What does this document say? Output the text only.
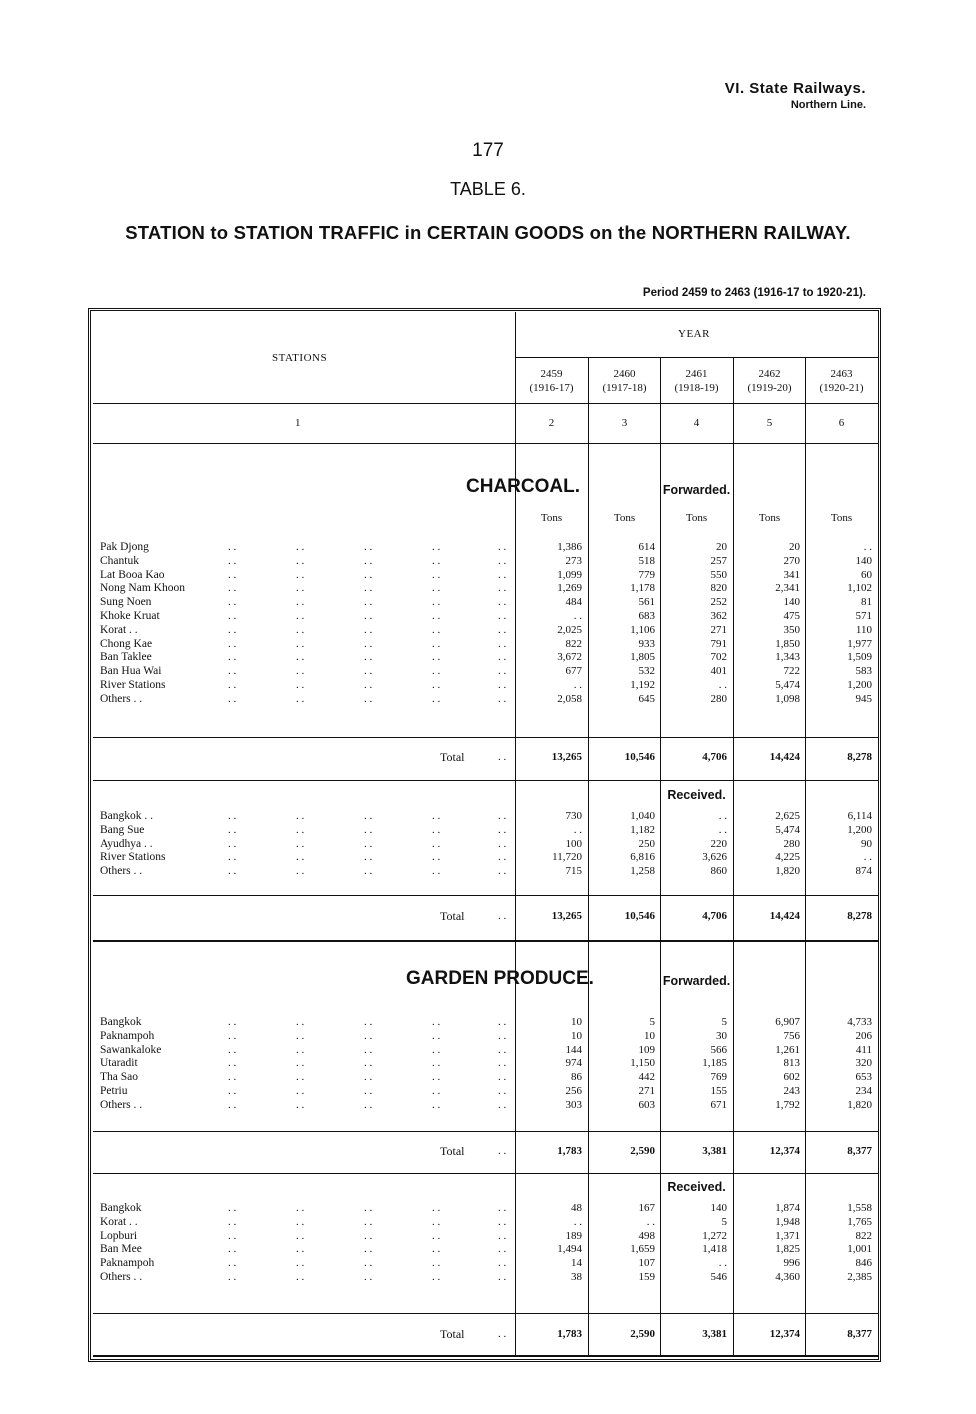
VI. State Railways.
Northern Line.
177
TABLE 6.
STATION to STATION TRAFFIC in CERTAIN GOODS on the NORTHERN RAILWAY.
Period 2459 to 2463 (1916-17 to 1920-21).
STATIONS
YEAR
2459
(1916-17)
2460
(1917-18)
2461
(1918-19)
2462
(1919-20)
2463
(1920-21)
1	2	3	4	5	6
CHARCOAL.	Forwarded.
Tons	Tons	Tons	Tons	Tons
Pak Djong	. .	. .	. .	. .	. .	1,386	614	20	20	. .
Chantuk	. .	. .	. .	. .	. .	273	518	257	270	140
Lat Booa Kao	. .	. .	. .	. .	. .	1,099	779	550	341	60
Nong Nam Khoon	. .	. .	. .	. .	. .	1,269	1,178	820	2,341	1,102
Sung Noen	. .	. .	. .	. .	. .	484	561	252	140	81
Khoke Kruat	. .	. .	. .	. .	. .	. .	683	362	475	571
Korat . .	. .	. .	. .	. .	. .	2,025	1,106	271	350	110
Chong Kae	. .	. .	. .	. .	. .	822	933	791	1,850	1,977
Ban Taklee	. .	. .	. .	. .	. .	3,672	1,805	702	1,343	1,509
Ban Hua Wai	. .	. .	. .	. .	. .	677	532	401	722	583
River Stations	. .	. .	. .	. .	. .	. .	1,192	. .	5,474	1,200
Others . .	. .	. .	. .	. .	. .	2,058	645	280	1,098	945
Total	. .	13,265	10,546	4,706	14,424	8,278
Received.
Bangkok . .	. .	. .	. .	. .	. .	730	1,040	. .	2,625	6,114
Bang Sue	. .	. .	. .	. .	. .	. .	1,182	. .	5,474	1,200
Ayudhya . .	. .	. .	. .	. .	. .	100	250	220	280	90
River Stations	. .	. .	. .	. .	. .	11,720	6,816	3,626	4,225	. .
Others . .	. .	. .	. .	. .	. .	715	1,258	860	1,820	874
Total	. .	13,265	10,546	4,706	14,424	8,278
GARDEN PRODUCE.	Forwarded.
Bangkok	. .	. .	. .	. .	. .	10	5	5	6,907	4,733
Paknampoh	. .	. .	. .	. .	. .	10	10	30	756	206
Sawankaloke	. .	. .	. .	. .	. .	144	109	566	1,261	411
Utaradit	. .	. .	. .	. .	. .	974	1,150	1,185	813	320
Tha Sao	. .	. .	. .	. .	. .	86	442	769	602	653
Petriu	. .	. .	. .	. .	. .	256	271	155	243	234
Others . .	. .	. .	. .	. .	. .	303	603	671	1,792	1,820
Total	. .	1,783	2,590	3,381	12,374	8,377
Received.
Bangkok	. .	. .	. .	. .	. .	48	167	140	1,874	1,558
Korat . .	. .	. .	. .	. .	. .	. .	. .	5	1,948	1,765
Lopburi	. .	. .	. .	. .	. .	189	498	1,272	1,371	822
Ban Mee	. .	. .	. .	. .	. .	1,494	1,659	1,418	1,825	1,001
Paknampoh	. .	. .	. .	. .	. .	14	107	. .	996	846
Others . .	. .	. .	. .	. .	. .	38	159	546	4,360	2,385
Total	. .	1,783	2,590	3,381	12,374	8,377
